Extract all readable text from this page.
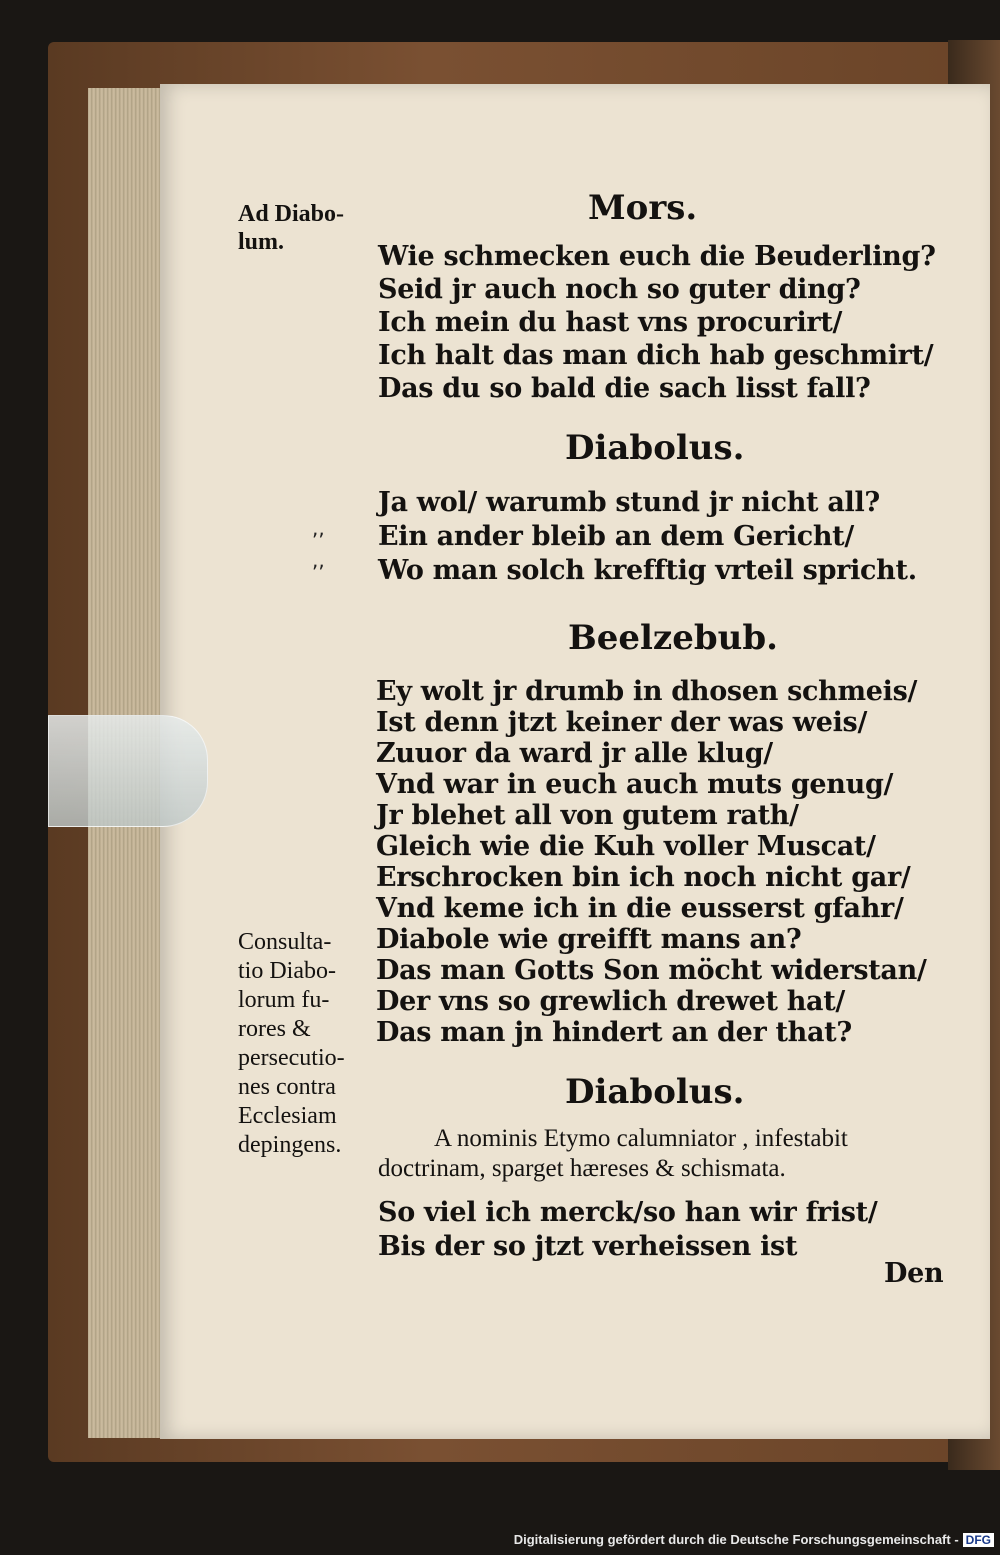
Ad Diabo-
lum.
Mors.
Wie schmecken euch die Beuderling?
Seid jr auch noch so guter ding?
Ich mein du hast vns procurirt/
Ich halt das man dich hab geschmirt/
Das du so bald die sach lisst fall?
Diabolus.
Ja wol/ warumb stund jr nicht all?
Ein ander bleib an dem Gericht/
Wo man solch krefftig vrteil spricht.
,,
,,
Beelzebub.
Ey wolt jr drumb in dhosen schmeis/
Ist denn jtzt keiner der was weis/
Zuuor da ward jr alle klug/
Vnd war in euch auch muts genug/
Jr blehet all von gutem rath/
Gleich wie die Kuh voller Muscat/
Erschrocken bin ich noch nicht gar/
Vnd keme ich in die eusserst gfahr/
Diabole wie greifft mans an?
Das man Gotts Son möcht widerstan/
Der vns so grewlich drewet hat/
Das man jn hindert an der that?
Consulta-
tio Diabo-
lorum fu-
rores &
persecutio-
nes contra
Ecclesiam
depingens.
Diabolus.
A nominis Etymo calumniator , infestabit
doctrinam, sparget hæreses & schismata.
So viel ich merck/so han wir frist/
Bis der so jtzt verheissen ist
Den
Digitalisierung gefördert durch die Deutsche Forschungsgemeinschaft - DFG
